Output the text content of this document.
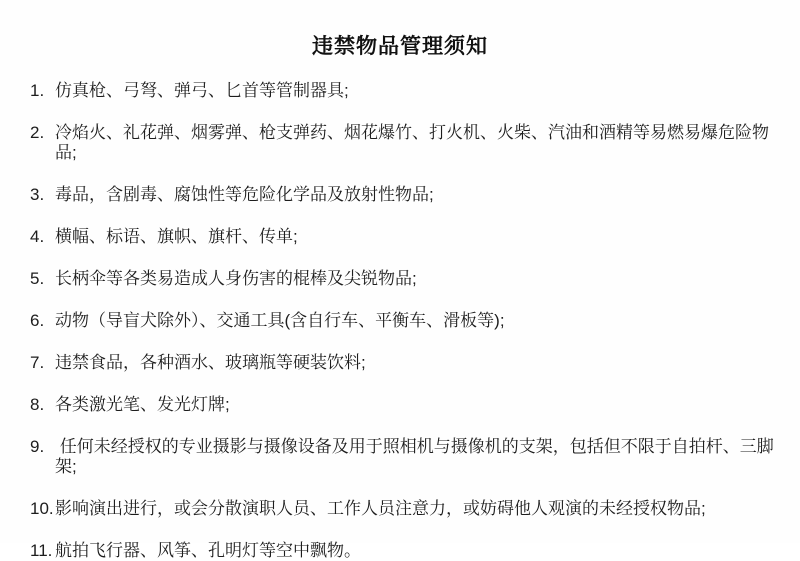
违禁物品管理须知
1. 仿真枪、弓弩、弹弓、匕首等管制器具;
2. 冷焰火、礼花弹、烟雾弹、枪支弹药、烟花爆竹、打火机、火柴、汽油和酒精等易燃易爆危险物品;
3. 毒品，含剧毒、腐蚀性等危险化学品及放射性物品;
4. 横幅、标语、旗帜、旗杆、传单;
5. 长柄伞等各类易造成人身伤害的棍棒及尖锐物品;
6. 动物（导盲犬除外）、交通工具(含自行车、平衡车、滑板等);
7. 违禁食品，各种酒水、玻璃瓶等硬装饮料;
8. 各类激光笔、发光灯牌;
9. 任何未经授权的专业摄影与摄像设备及用于照相机与摄像机的支架，包括但不限于自拍杆、三脚架;
10. 影响演出进行，或会分散演职人员、工作人员注意力，或妨碍他人观演的未经授权物品;
11. 航拍飞行器、风筝、孔明灯等空中飘物。
